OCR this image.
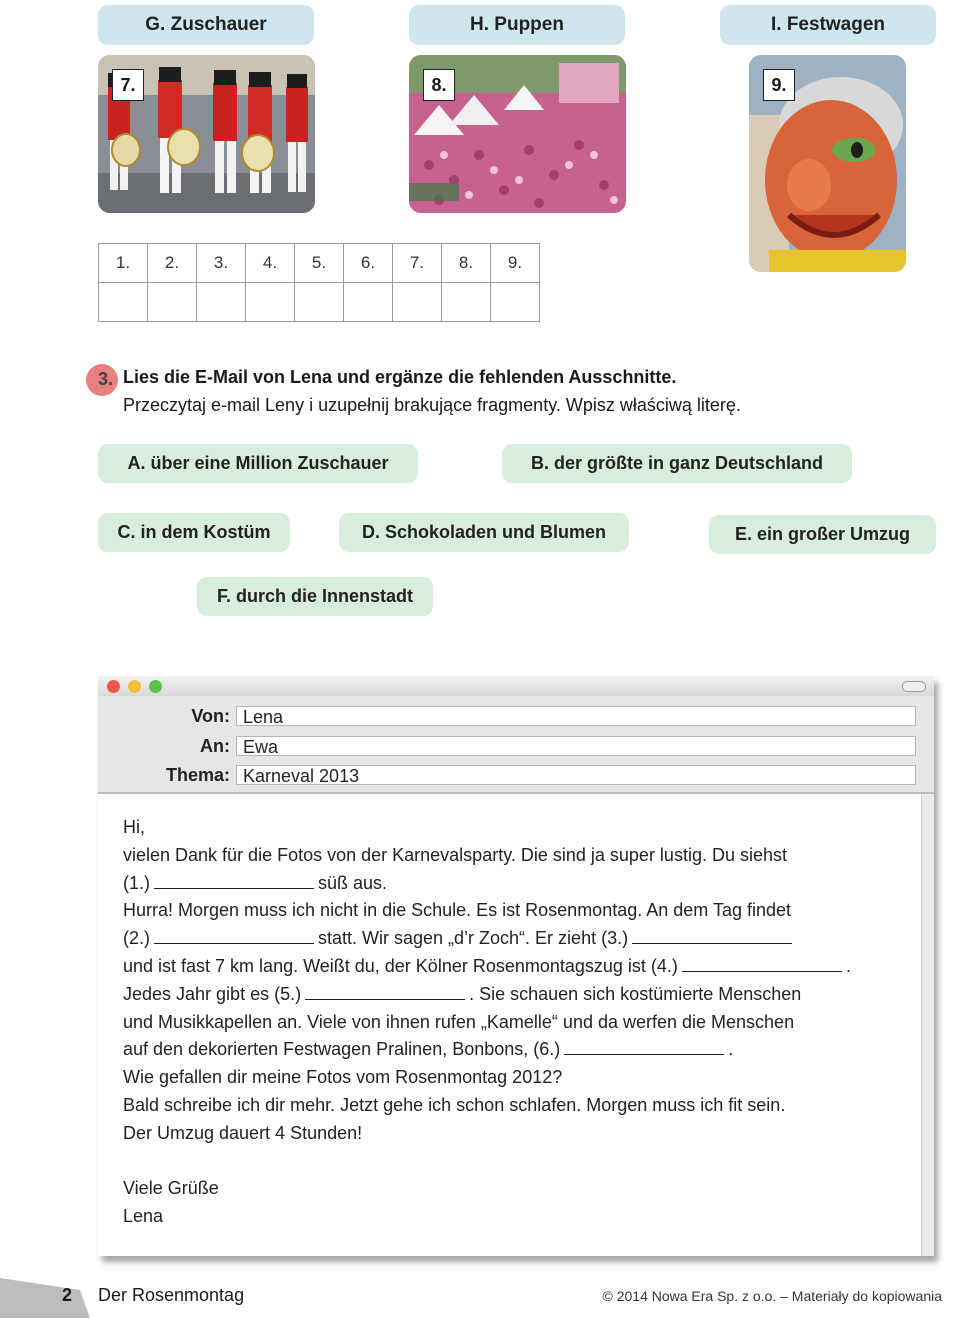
G. Zuschauer	H. Puppen	I. Festwagen
7.	8.	9.
1.	2.	3.	4.	5.	6.	7.	8.	9.

3. Lies die E-Mail von Lena und ergänze die fehlenden Ausschnitte.
Przeczytaj e-mail Leny i uzupełnij brakujące fragmenty. Wpisz właściwą literę.
A. über eine Million Zuschauer	B. der größte in ganz Deutschland
C. in dem Kostüm	D. Schokoladen und Blumen	E. ein großer Umzug
F. durch die Innenstadt
Von: Lena
An: Ewa
Thema: Karneval 2013
Hi,
vielen Dank für die Fotos von der Karnevalsparty. Die sind ja super lustig. Du siehst
(1.)	süß aus.
Hurra! Morgen muss ich nicht in die Schule. Es ist Rosenmontag. An dem Tag findet
(2.)	statt. Wir sagen „d’r Zoch“. Er zieht (3.)
und ist fast 7 km lang. Weißt du, der Kölner Rosenmontagszug ist (4.)	.
Jedes Jahr gibt es (5.)	. Sie schauen sich kostümierte Menschen
und Musikkapellen an. Viele von ihnen rufen „Kamelle“ und da werfen die Menschen
auf den dekorierten Festwagen Pralinen, Bonbons, (6.)	.
Wie gefallen dir meine Fotos vom Rosenmontag 2012?
Bald schreibe ich dir mehr. Jetzt gehe ich schon schlafen. Morgen muss ich fit sein.
Der Umzug dauert 4 Stunden!
Viele Grüße
Lena
2 Der Rosenmontag	© 2014 Nowa Era Sp. z o.o. – Materiały do kopiowania
